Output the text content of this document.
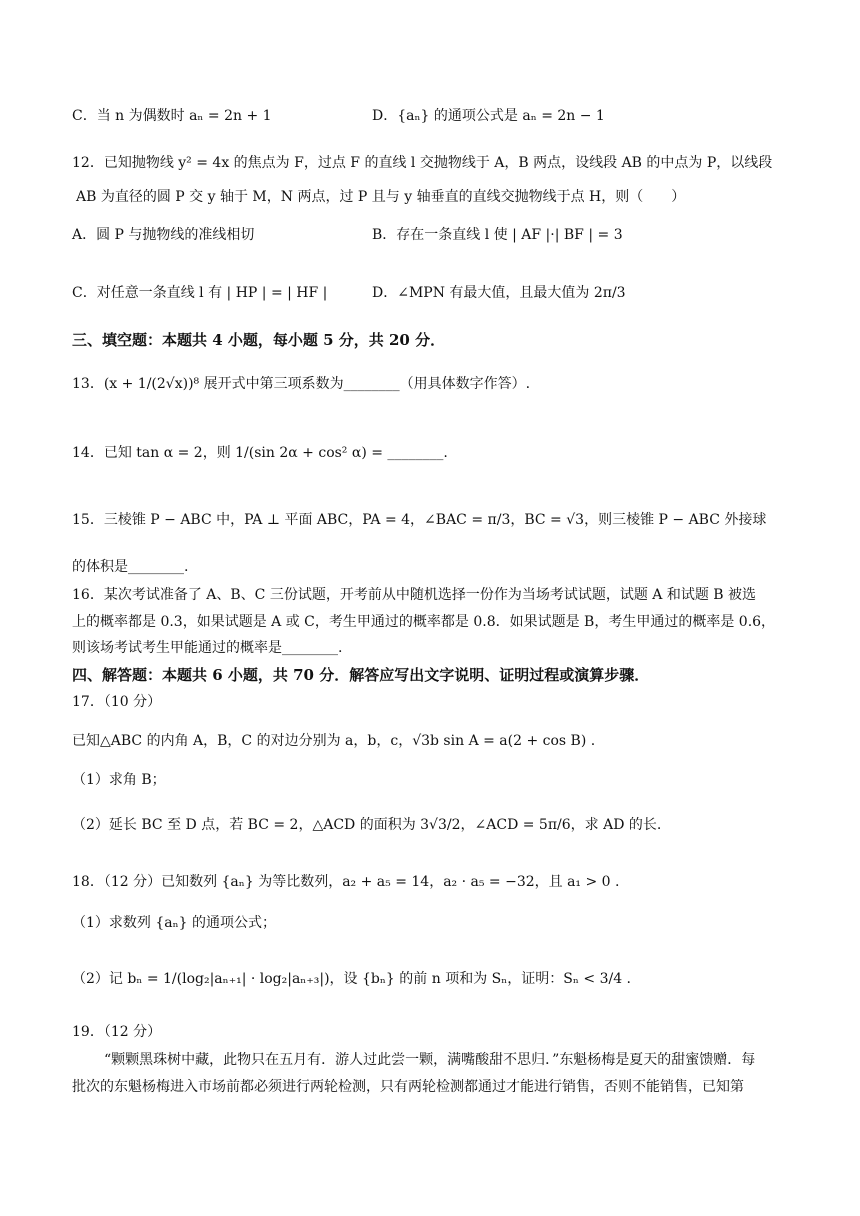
C．当 n 为偶数时 aₙ = 2n + 1	D．{aₙ} 的通项公式是 aₙ = 2n − 1
12．已知抛物线 y² = 4x 的焦点为 F，过点 F 的直线 l 交抛物线于 A，B 两点，设线段 AB 的中点为 P，以线段
AB 为直径的圆 P 交 y 轴于 M，N 两点，过 P 且与 y 轴垂直的直线交抛物线于点 H，则（　　）
A．圆 P 与抛物线的准线相切	B．存在一条直线 l 使 | AF |·| BF | = 3
C．对任意一条直线 l 有 | HP | = | HF |	D．∠MPN 有最大值，且最大值为 2π/3
三、填空题：本题共 4 小题，每小题 5 分，共 20 分．
13．(x + 1/(2√x))⁸ 展开式中第三项系数为________（用具体数字作答）.
14．已知 tan α = 2，则 1/(sin 2α + cos² α) = ________.
15．三棱锥 P − ABC 中，PA ⊥ 平面 ABC，PA = 4，∠BAC = π/3，BC = √3，则三棱锥 P − ABC 外接球
的体积是________.
16．某次考试准备了 A、B、C 三份试题，开考前从中随机选择一份作为当场考试试题，试题 A 和试题 B 被选
上的概率都是 0.3，如果试题是 A 或 C，考生甲通过的概率都是 0.8．如果试题是 B，考生甲通过的概率是 0.6，
则该场考试考生甲能通过的概率是________.
四、解答题：本题共 6 小题，共 70 分．解答应写出文字说明、证明过程或演算步骤．
17．（10 分）
已知△ABC 的内角 A，B，C 的对边分别为 a，b，c，√3b sin A = a(2 + cos B) .
（1）求角 B；
（2）延长 BC 至 D 点，若 BC = 2，△ACD 的面积为 3√3/2，∠ACD = 5π/6，求 AD 的长.
18．（12 分）已知数列 {aₙ} 为等比数列，a₂ + a₅ = 14，a₂ · a₅ = −32，且 a₁ > 0 .
（1）求数列 {aₙ} 的通项公式；
（2）记 bₙ = 1/(log₂|aₙ₊₁| · log₂|aₙ₊₃|)，设 {bₙ} 的前 n 项和为 Sₙ，证明：Sₙ < 3/4 .
19．（12 分）
“颗颗黑珠树中藏，此物只在五月有．游人过此尝一颗，满嘴酸甜不思归．”东魁杨梅是夏天的甜蜜馈赠．每
批次的东魁杨梅进入市场前都必须进行两轮检测，只有两轮检测都通过才能进行销售，否则不能销售，已知第
